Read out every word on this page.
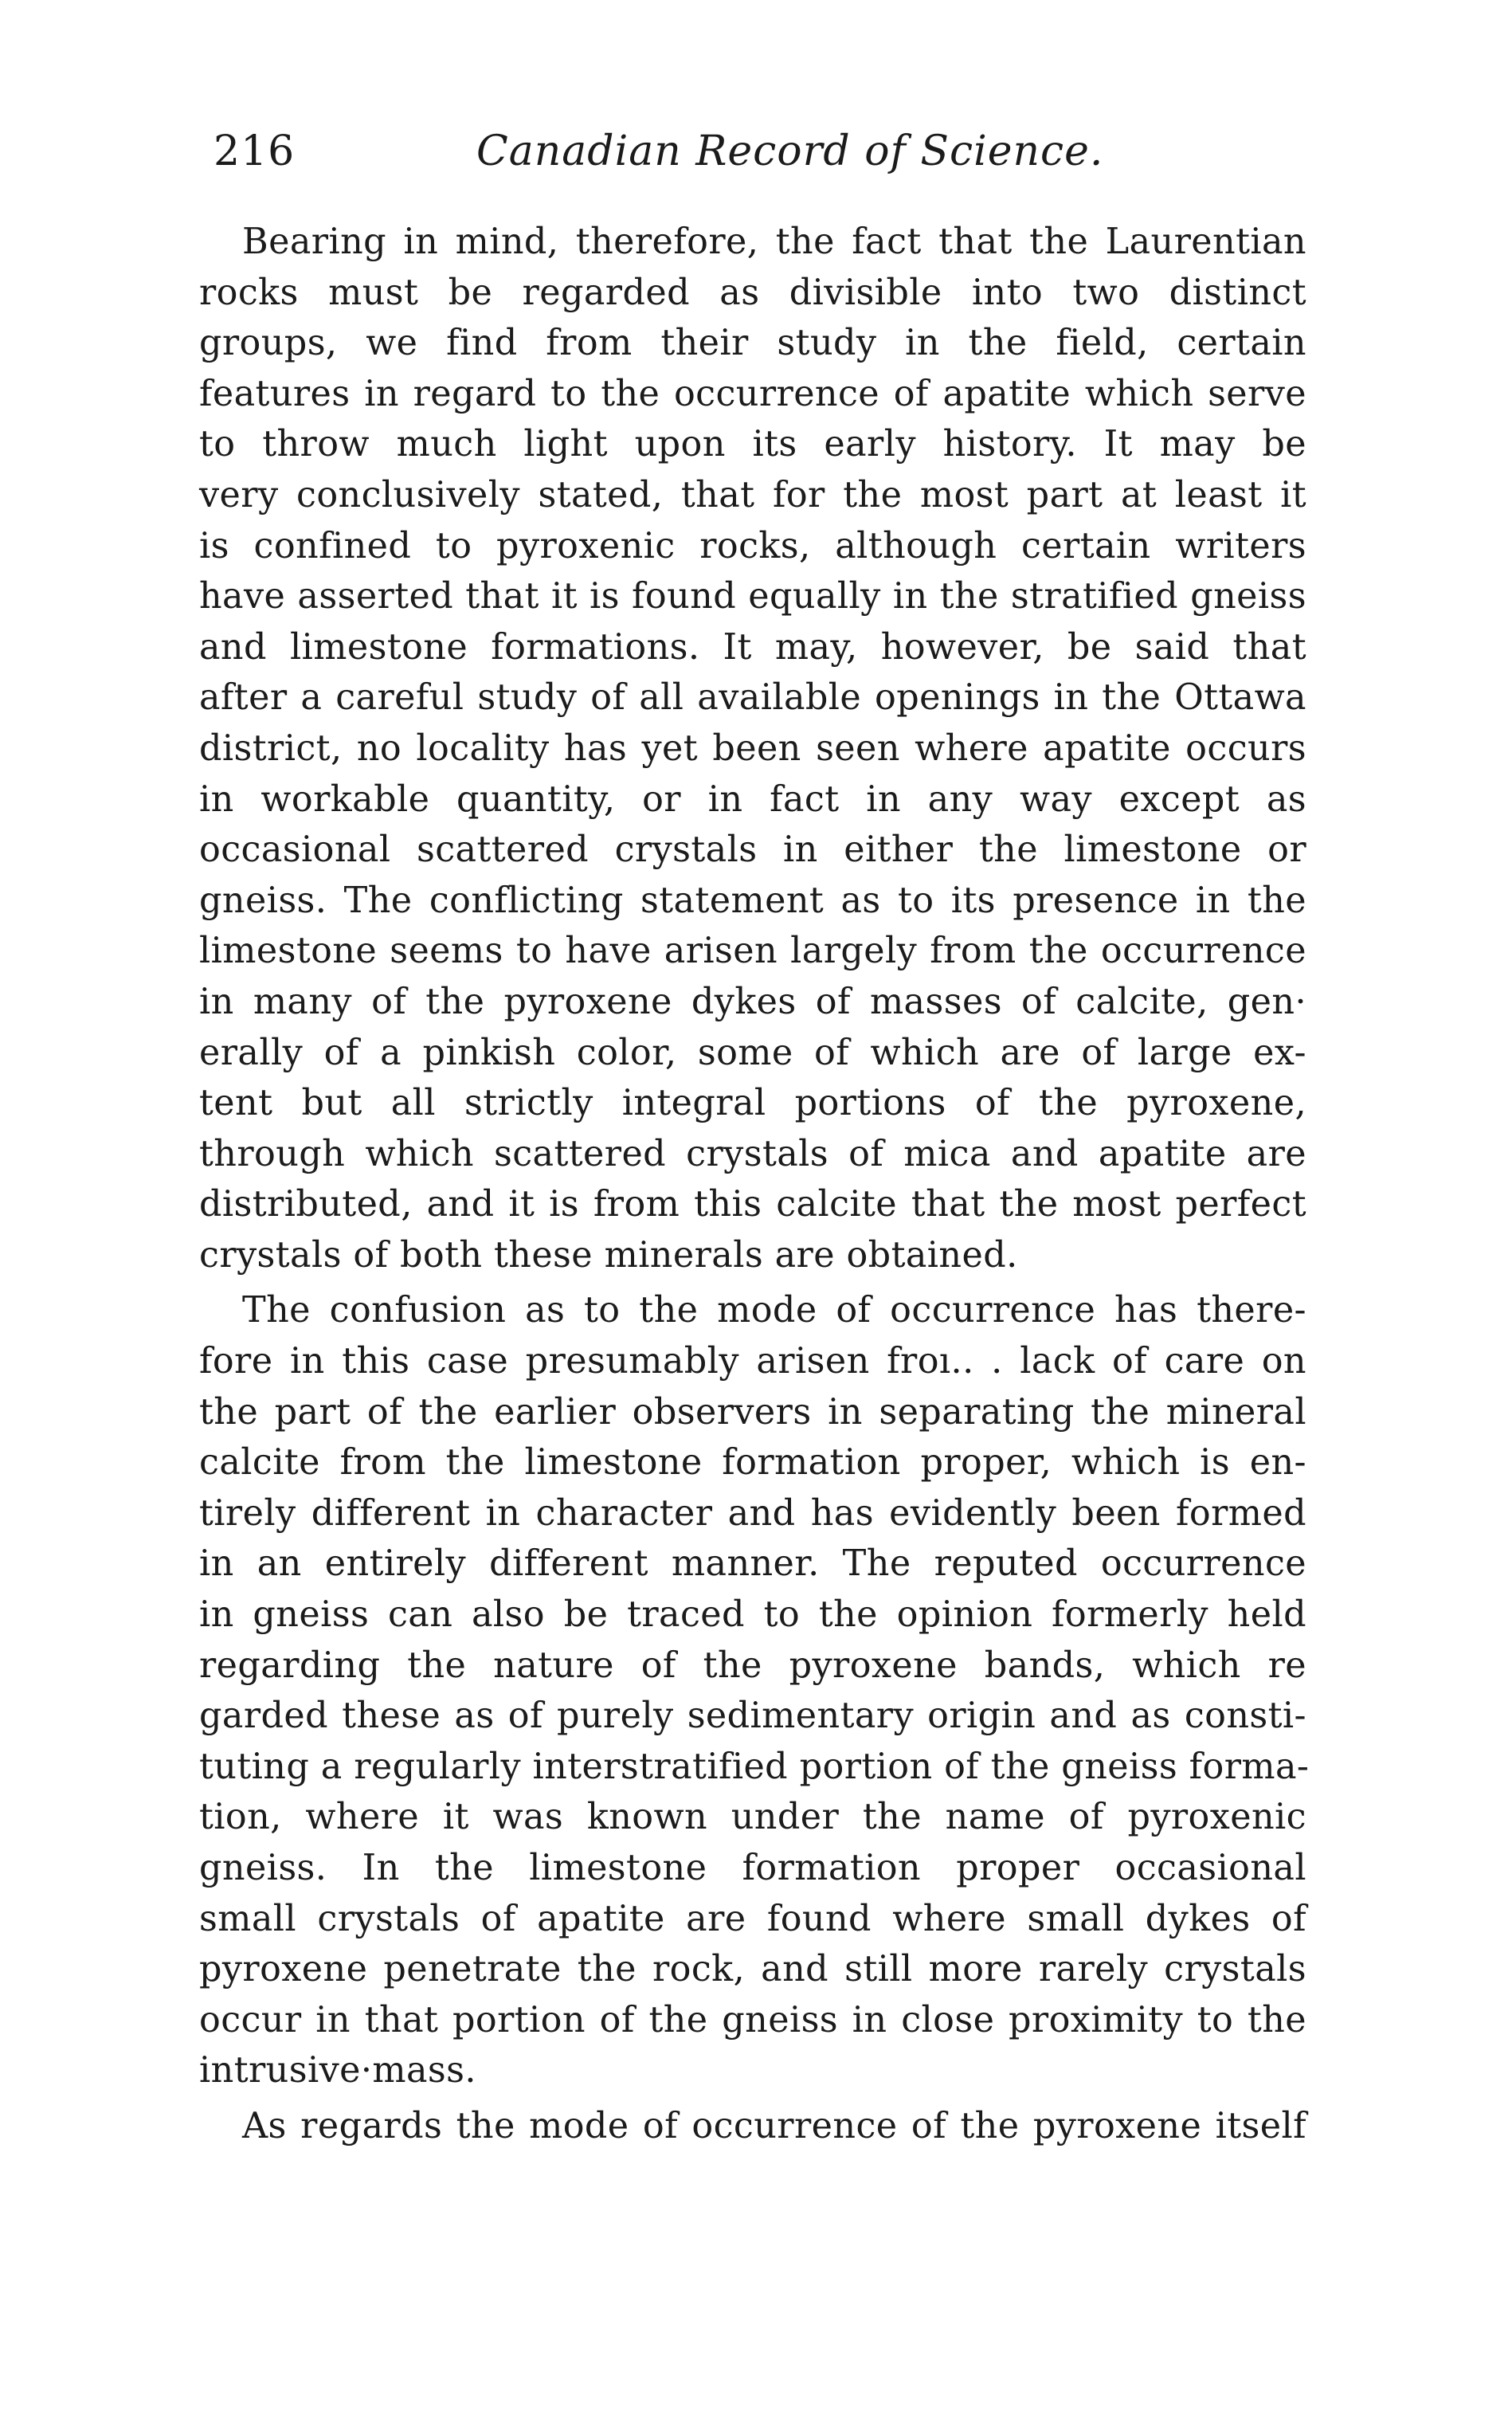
216	Canadian Record of Science.

Bearing in mind, therefore, the fact that the Laurentian
rocks must be regarded as divisible into two distinct
groups, we find from their study in the field, certain
features in regard to the occurrence of apatite which serve
to throw much light upon its early history. It may be
very conclusively stated, that for the most part at least it
is confined to pyroxenic rocks, although certain writers
have asserted that it is found equally in the stratified gneiss
and limestone formations. It may, however, be said that
after a careful study of all available openings in the Ottawa
district, no locality has yet been seen where apatite occurs
in workable quantity, or in fact in any way except as
occasional scattered crystals in either the limestone or
gneiss. The conflicting statement as to its presence in the
limestone seems to have arisen largely from the occurrence
in many of the pyroxene dykes of masses of calcite, gen·
erally of a pinkish color, some of which are of large ex-
tent but all strictly integral portions of the pyroxene,
through which scattered crystals of mica and apatite are
distributed, and it is from this calcite that the most perfect
crystals of both these minerals are obtained.

The confusion as to the mode of occurrence has there-
fore in this case presumably arisen froı.. . lack of care on
the part of the earlier observers in separating the mineral
calcite from the limestone formation proper, which is en-
tirely different in character and has evidently been formed
in an entirely different manner. The reputed occurrence
in gneiss can also be traced to the opinion formerly held
regarding the nature of the pyroxene bands, which re
garded these as of purely sedimentary origin and as consti-
tuting a regularly interstratified portion of the gneiss forma-
tion, where it was known under the name of pyroxenic
gneiss. In the limestone formation proper occasional
small crystals of apatite are found where small dykes of
pyroxene penetrate the rock, and still more rarely crystals
occur in that portion of the gneiss in close proximity to the
intrusive·mass.

As regards the mode of occurrence of the pyroxene itself
